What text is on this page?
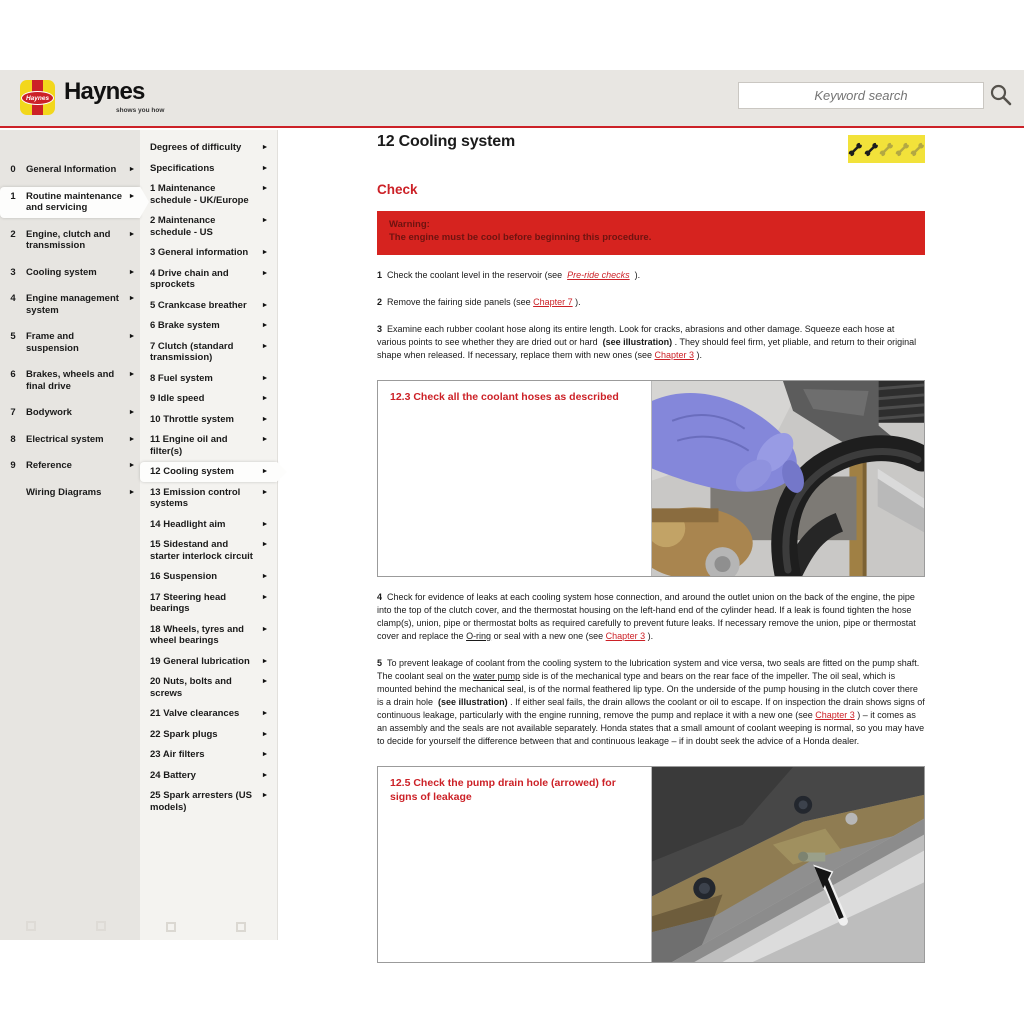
Haynes Haynes
shows you how
Keyword search
0	General Information	►
1	Routine maintenance and servicing
►
2	Engine, clutch and transmission
►
3	Cooling system	►
4	Engine management system
►
5	Frame and suspension
►
6	Brakes, wheels and final drive
►
7	Bodywork	►
8	Electrical system	►
9	Reference	►
Wiring Diagrams	►
Degrees of difficulty	►
Specifications	►
1 Maintenance schedule - UK/Europe
►
2 Maintenance schedule - US
►
3 General information	►
4 Drive chain and sprockets
►
5 Crankcase breather	►
6 Brake system	►
7 Clutch (standard transmission)
►
8 Fuel system	►
9 Idle speed	►
10 Throttle system	►
11 Engine oil and filter(s)
►
12 Cooling system	►
13 Emission control systems
►
14 Headlight aim	►
15 Sidestand and starter interlock circuit
►
16 Suspension	►
17 Steering head bearings
►
18 Wheels, tyres and wheel bearings
►
19 General lubrication	►
20 Nuts, bolts and screws
►
21 Valve clearances	►
22 Spark plugs	►
23 Air filters	►
24 Battery	►
25 Spark arresters (US models)
►
12 Cooling system
Check
Warning:
The engine must be cool before beginning this procedure.

1  Check the coolant level in the reservoir (see  Pre-ride checks  ).

2  Remove the fairing side panels (see Chapter 7 ).

3  Examine each rubber coolant hose along its entire length. Look for cracks, abrasions and other damage. Squeeze each hose at various points to see whether they are dried out or hard  (see illustration) . They should feel firm, yet pliable, and return to their original shape when released. If necessary, replace them with new ones (see Chapter 3 ).

12.3 Check all the coolant hoses as described

4  Check for evidence of leaks at each cooling system hose connection, and around the outlet union on the back of the engine, the pipe into the top of the clutch cover, and the thermostat housing on the left-hand end of the cylinder head. If a leak is found tighten the hose clamp(s), union, pipe or thermostat bolts as required carefully to prevent future leaks. If necessary remove the union, pipe or thermostat cover and replace the O-ring or seal with a new one (see Chapter 3 ).

5  To prevent leakage of coolant from the cooling system to the lubrication system and vice versa, two seals are fitted on the pump shaft. The coolant seal on the water pump side is of the mechanical type and bears on the rear face of the impeller. The oil seal, which is mounted behind the mechanical seal, is of the normal feathered lip type. On the underside of the pump housing in the clutch cover there is a drain hole  (see illustration) . If either seal fails, the drain allows the coolant or oil to escape. If on inspection the drain shows signs of continuous leakage, particularly with the engine running, remove the pump and replace it with a new one (see Chapter 3 ) – it comes as an assembly and the seals are not available separately. Honda states that a small amount of coolant weeping is normal, so you may have to decide for yourself the difference between that and continuous leakage – if in doubt seek the advice of a Honda dealer.

12.5 Check the pump drain hole (arrowed) for signs of leakage
